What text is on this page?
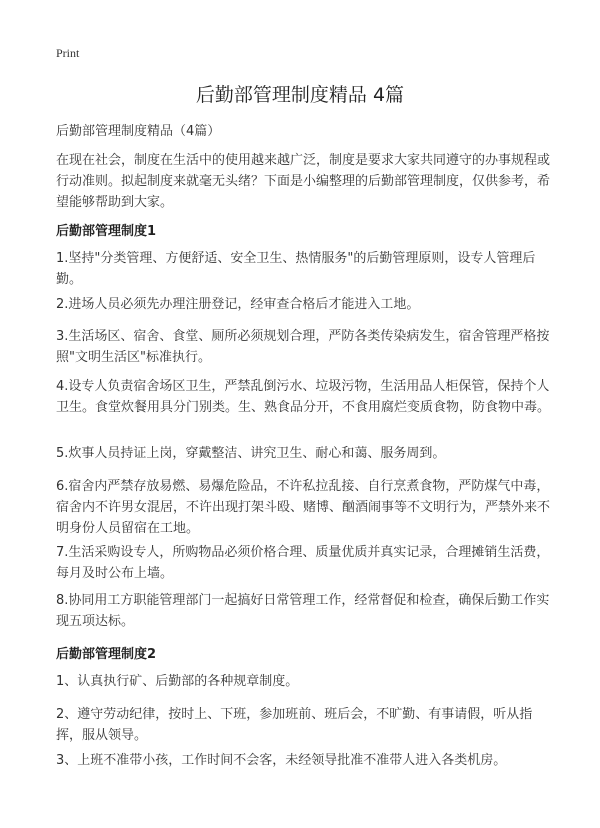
Print
后勤部管理制度精品 4篇
后勤部管理制度精品（4篇）

在现在社会，制度在生活中的使用越来越广泛，制度是要求大家共同遵守的办事规程或行动准则。拟起制度来就毫无头绪？下面是小编整理的后勤部管理制度，仅供参考，希望能够帮助到大家。

后勤部管理制度1

1.坚持"分类管理、方便舒适、安全卫生、热情服务"的后勤管理原则，设专人管理后勤。

2.进场人员必须先办理注册登记，经审查合格后才能进入工地。

3.生活场区、宿舍、食堂、厕所必须规划合理，严防各类传染病发生，宿舍管理严格按照"文明生活区"标准执行。

4.设专人负责宿舍场区卫生，严禁乱倒污水、垃圾污物，生活用品人柜保管，保持个人卫生。食堂炊餐用具分门别类。生、熟食品分开，不食用腐烂变质食物，防食物中毒。

5.炊事人员持证上岗，穿戴整洁、讲究卫生、耐心和蔼、服务周到。

6.宿舍内严禁存放易燃、易爆危险品，不许私拉乱接、自行烹煮食物，严防煤气中毒，宿舍内不许男女混居，不许出现打架斗殴、赌博、酗酒闹事等不文明行为，严禁外来不明身份人员留宿在工地。

7.生活采购设专人，所购物品必须价格合理、质量优质并真实记录，合理摊销生活费，每月及时公布上墙。

8.协同用工方职能管理部门一起搞好日常管理工作，经常督促和检查，确保后勤工作实现五项达标。

后勤部管理制度2

1、认真执行矿、后勤部的各种规章制度。

2、遵守劳动纪律，按时上、下班，参加班前、班后会，不旷勤、有事请假，听从指挥，服从领导。

3、上班不准带小孩，工作时间不会客，未经领导批准不准带人进入各类机房。
